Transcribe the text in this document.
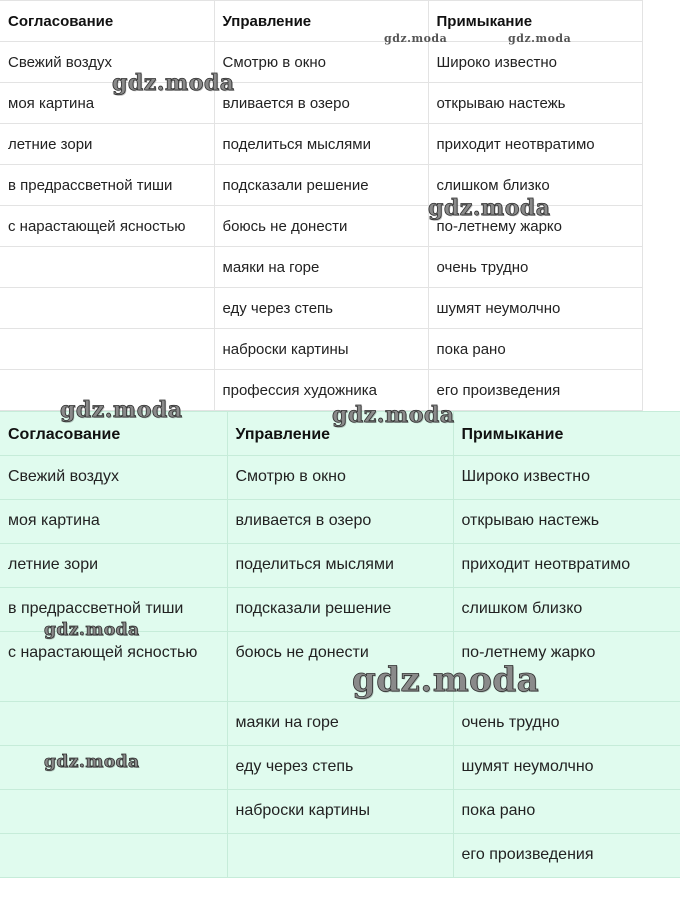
Согласование	Управление	Примыкание
Свежий воздух	Смотрю в окно	Широко известно
моя картина	вливается в озеро	открываю настежь
летние зори	поделиться мыслями	приходит неотвратимо
в предрассветной тиши	подсказали решение	слишком близко
с нарастающей ясностью	боюсь не донести	по-летнему жарко
	маяки на горе	очень трудно
	еду через степь	шумят неумолчно
	наброски картины	пока рано
	профессия художника	его произведения
Согласование	Управление	Примыкание
Свежий воздух	Смотрю в окно	Широко известно
моя картина	вливается в озеро	открываю настежь
летние зори	поделиться мыслями	приходит неотвратимо
в предрассветной тиши	подсказали решение	слишком близко
с нарастающей ясностью	боюсь не донести	по-летнему жарко
	маяки на горе	очень трудно
	еду через степь	шумят неумолчно
	наброски картины	пока рано
		его произведения
gdz.moda	gdz.moda
gdz.moda
gdz.moda
gdz.moda	gdz.moda
gdz.moda
gdz.moda
gdz.moda
